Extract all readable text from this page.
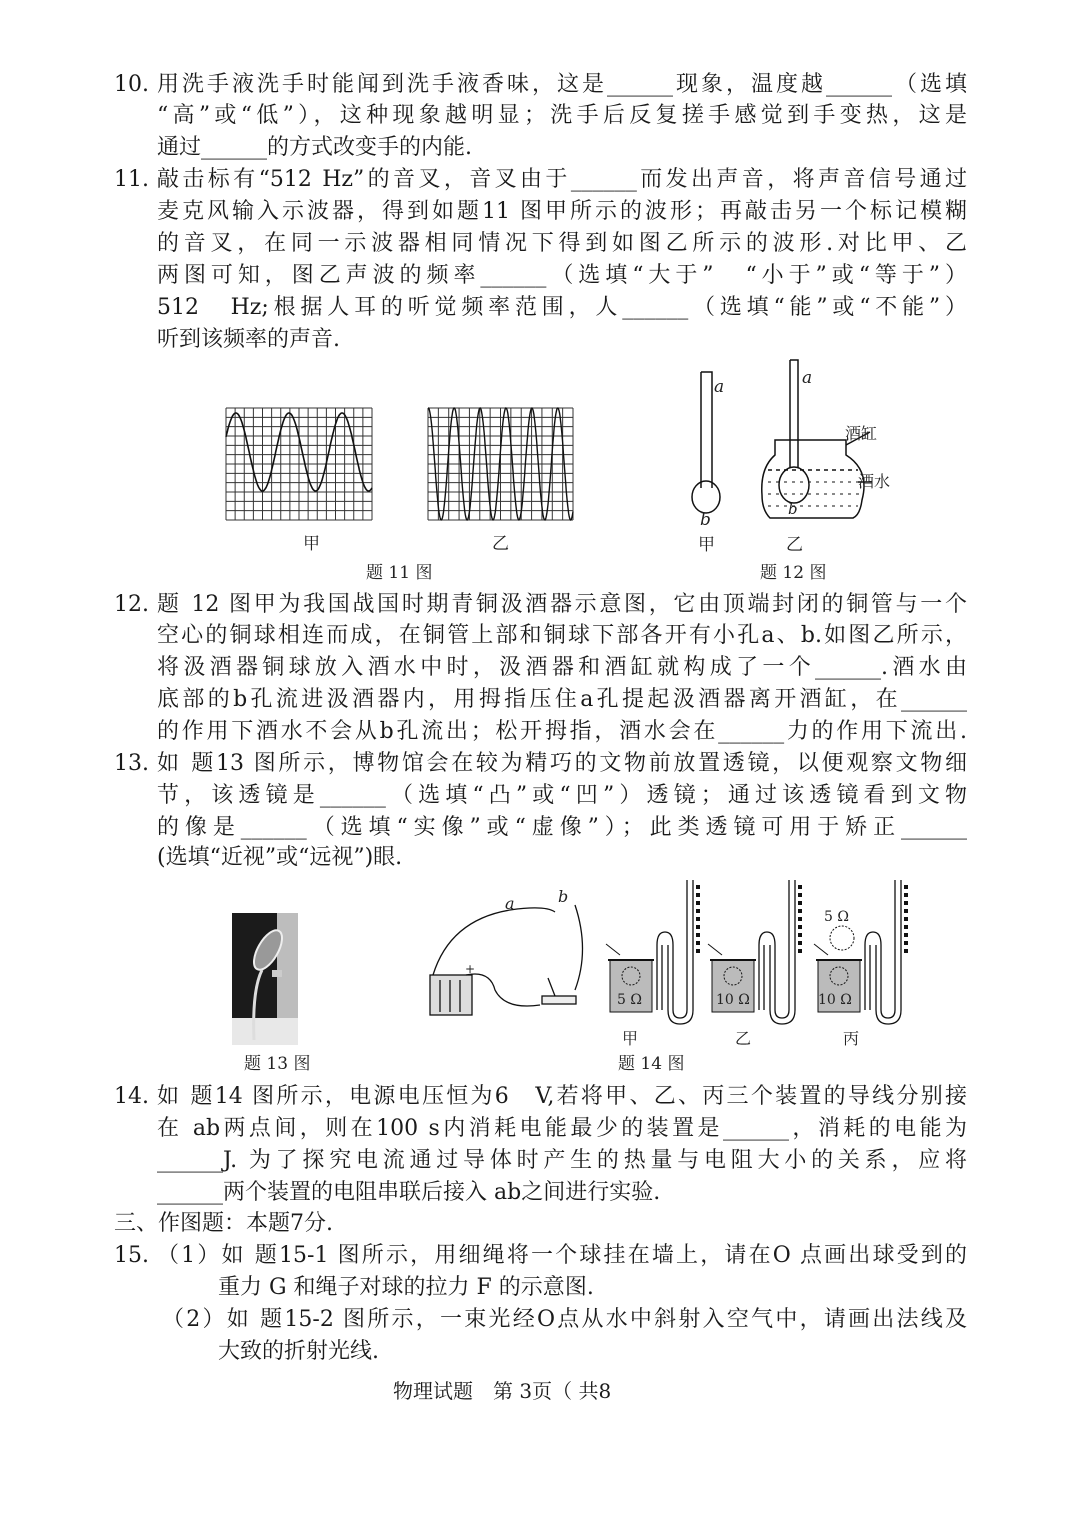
10. 用洗手液洗手时能闻到洗手液香味，这是______现象，温度越______（选填
“高”或“低”），这种现象越明显；洗手后反复搓手感觉到手变热，这是
通过______的方式改变手的内能.
11. 敲击标有“512 Hz”的音叉，音叉由于______而发出声音，将声音信号通过
麦克风输入示波器，得到如题11 图甲所示的波形；再敲击另一个标记模糊
的音叉，在同一示波器相同情况下得到如图乙所示的波形.对比甲、乙
两图可知，图乙声波的频率______（选填“大于”　“小于”或“等于”）
512　Hz;根据人耳的听觉频率范围，人______（选填“能”或“不能”）
听到该频率的声音.
甲	乙
题 11 图
a
b
a
b
酒缸
酒水
甲	乙
题 12 图
12. 题 12 图甲为我国战国时期青铜汲酒器示意图，它由顶端封闭的铜管与一个
空心的铜球相连而成，在铜管上部和铜球下部各开有小孔a、b.如图乙所示，
将汲酒器铜球放入酒水中时，汲酒器和酒缸就构成了一个______.酒水由
底部的b孔流进汲酒器内，用拇指压住a孔提起汲酒器离开酒缸，在______
的作用下酒水不会从b孔流出；松开拇指，酒水会在______力的作用下流出.
13. 如 题13 图所示，博物馆会在较为精巧的文物前放置透镜，以便观察文物细
节，该透镜是______（选填“凸”或“凹”）透镜；通过该透镜看到文物
的像是______（选填“实像”或“虚像”）；此类透镜可用于矫正______
(选填“近视”或“远视”)眼.
题 13 图
a	b
+
甲	乙	丙
5 Ω	10 Ω	10 Ω
5 Ω
题 14 图
14. 如 题14 图所示，电源电压恒为6　V,若将甲、乙、丙三个装置的导线分别接
在 ab两点间，则在100 s内消耗电能最少的装置是______，消耗的电能为
______J. 为了探究电流通过导体时产生的热量与电阻大小的关系，应将
______两个装置的电阻串联后接入 ab之间进行实验.
三、作图题：本题7分.
15. （1）如 题15-1 图所示，用细绳将一个球挂在墙上，请在O 点画出球受到的
重力 G 和绳子对球的拉力 F 的示意图.
（2）如 题15-2 图所示，一束光经O点从水中斜射入空气中，请画出法线及
大致的折射光线.
物理试题　第 3页（ 共8
